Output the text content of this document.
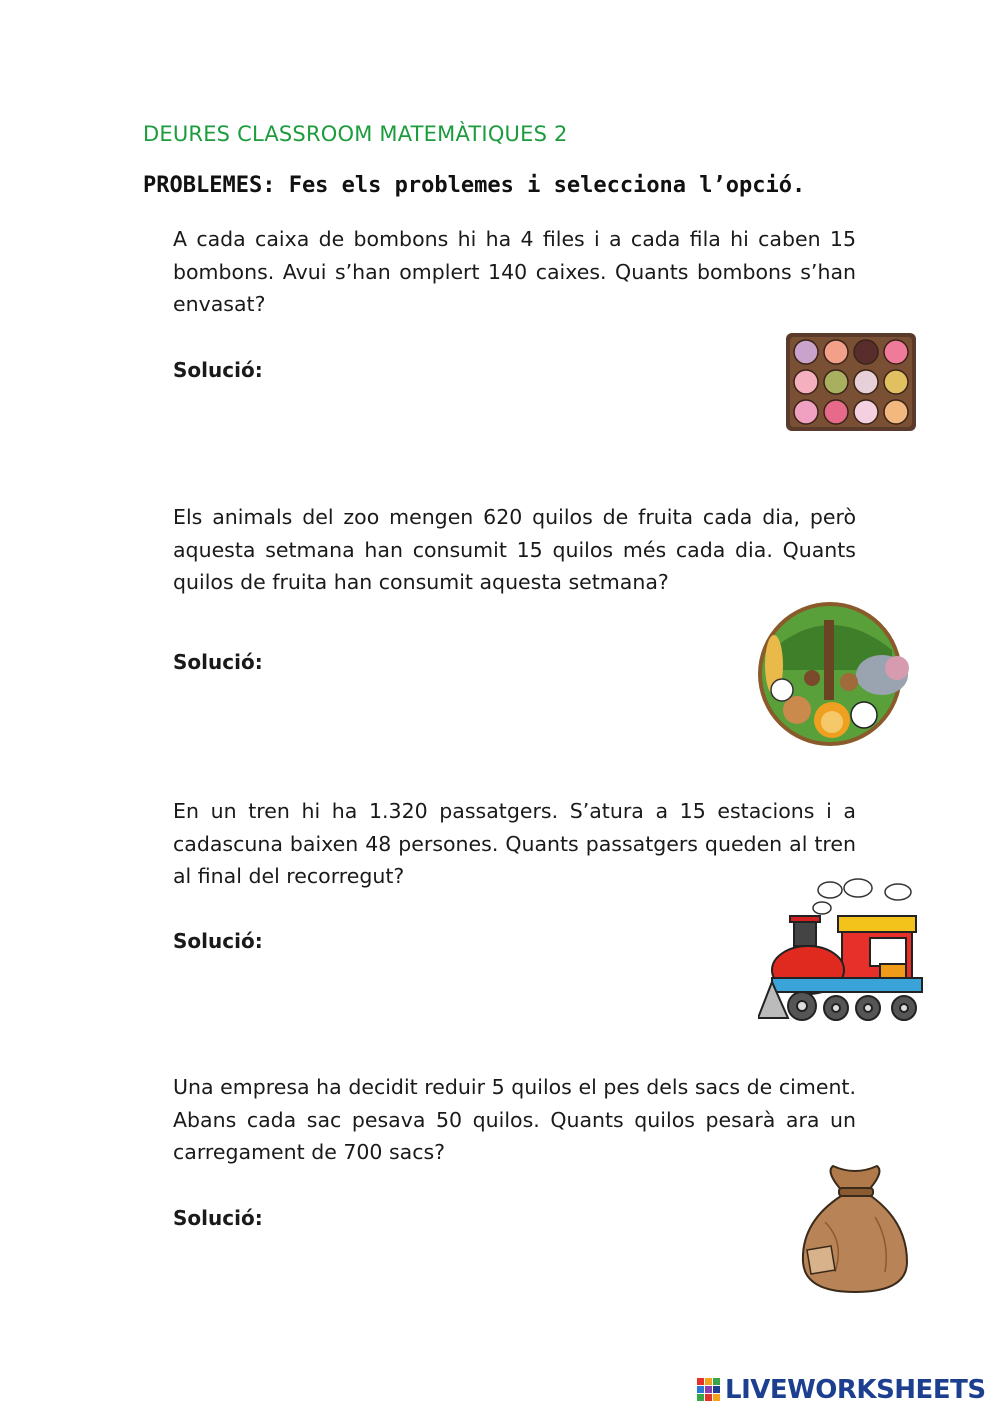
DEURES CLASSROOM MATEMÀTIQUES 2
PROBLEMES: Fes els problemes i selecciona l’opció.
A cada caixa de bombons hi ha 4 files i a cada fila hi caben 15 bombons. Avui s’han omplert 140 caixes. Quants bombons s’han envasat?
Solució:
Els animals del zoo mengen 620 quilos de fruita cada dia, però aquesta setmana han consumit 15 quilos més cada dia. Quants quilos de fruita han consumit aquesta setmana?
Solució:
En un tren hi ha 1.320 passatgers. S’atura a 15 estacions i a cadascuna baixen 48 persones. Quants passatgers queden al tren al final del recorregut?
Solució:
Una empresa ha decidit reduir 5 quilos el pes dels sacs de ciment. Abans cada sac pesava 50 quilos. Quants quilos pesarà ara un carregament de 700 sacs?
Solució:
LIVEWORKSHEETS
